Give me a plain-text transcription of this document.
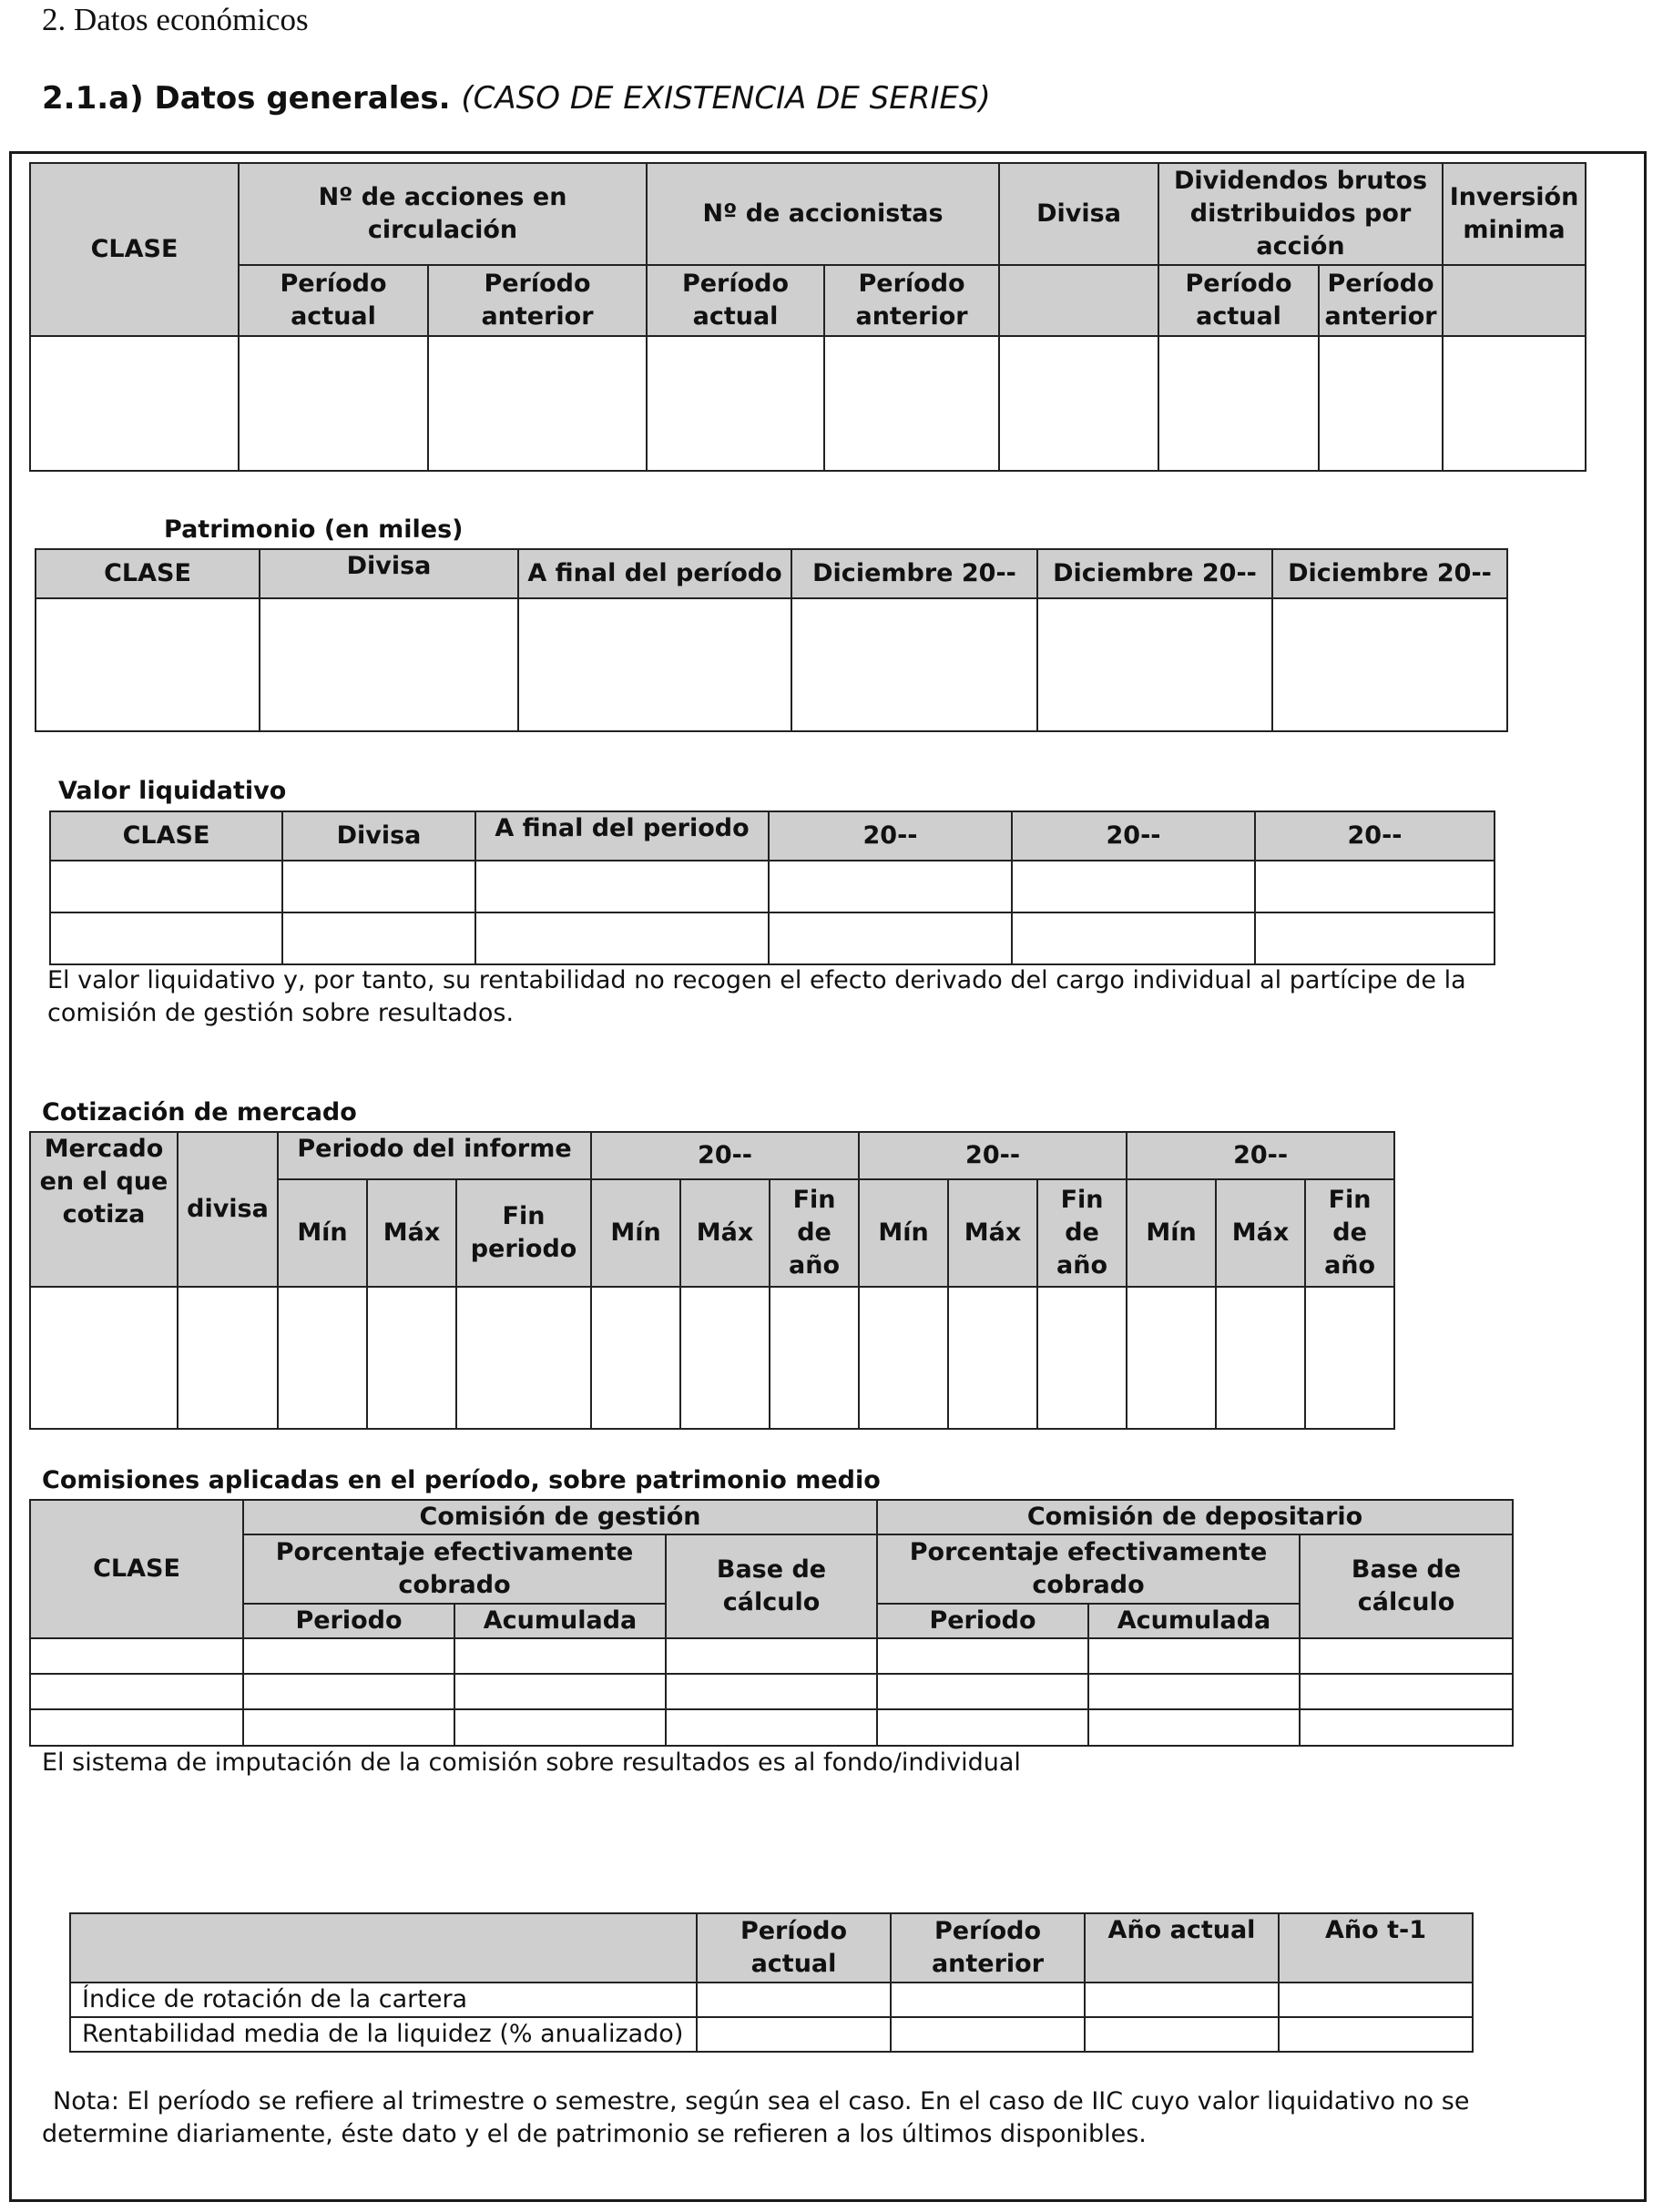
2. Datos económicos
2.1.a) Datos generales. (CASO DE EXISTENCIA DE SERIES)
CLASE	Nº de acciones en circulación		Nº de accionistas		Divisa	Dividendos brutos distribuidos por acción		Inversión minima
	Período actual	Período anterior	Período actual	Período anterior		Período actual	Período anterior	

Patrimonio (en miles)
CLASE	Divisa	A final del período	Diciembre 20--	Diciembre 20--	Diciembre 20--

Valor liquidativo
CLASE	Divisa	A final del periodo	20--	20--	20--

El valor liquidativo y, por tanto, su rentabilidad no recogen el efecto derivado del cargo individual al partícipe de la comisión de gestión sobre resultados.
Cotización de mercado
Mercado en el que cotiza	divisa	Periodo del informe			20--			20--			20--		
		Mín	Máx	Fin periodo	Mín	Máx	Fin de año	Mín	Máx	Fin de año	Mín	Máx	Fin de año

Comisiones aplicadas en el período, sobre patrimonio medio
CLASE	Comisión de gestión			Comisión de depositario		
	Porcentaje efectivamente cobrado		Base de cálculo	Porcentaje efectivamente cobrado		Base de cálculo
	Periodo	Acumulada		Periodo	Acumulada	

El sistema de imputación de la comisión sobre resultados es al fondo/individual
	Período actual	Período anterior	Año actual	Año t-1
Índice de rotación de la cartera				
Rentabilidad media de la liquidez (% anualizado)				
Nota: El período se refiere al trimestre o semestre, según sea el caso. En el caso de IIC cuyo valor liquidativo no se determine diariamente, éste dato y el de patrimonio se refieren a los últimos disponibles.
